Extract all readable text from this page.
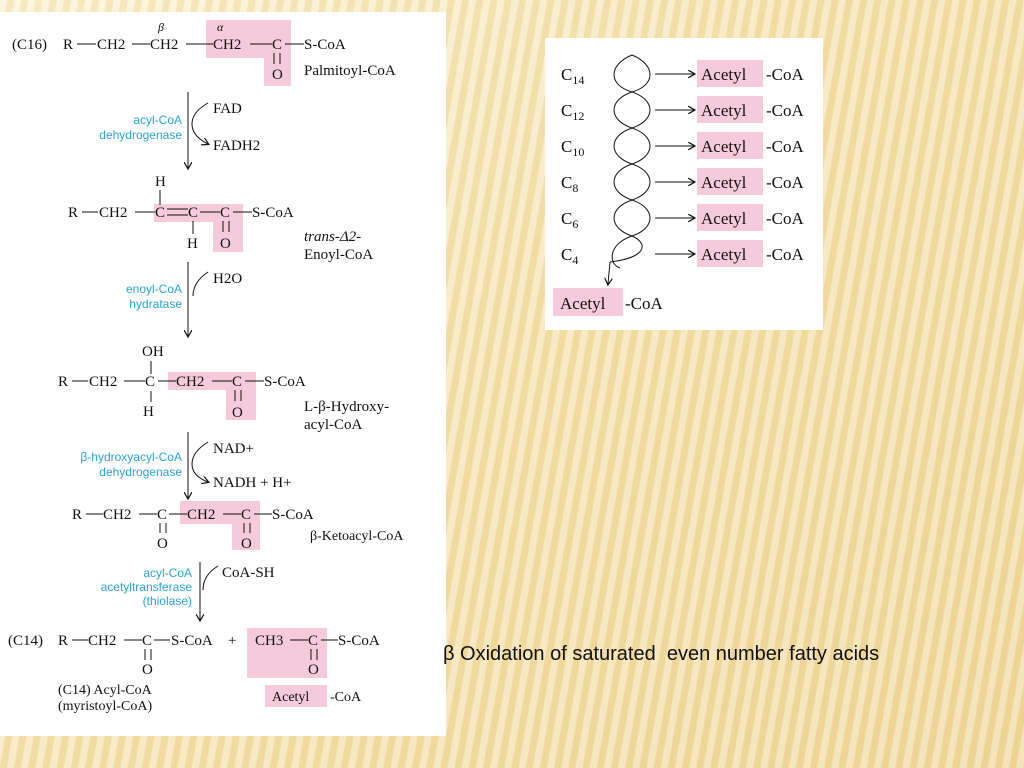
(C16) R CH2 CH2
β
CH2
α
C
O
S-CoA
Palmitoyl-CoA
acyl-CoA
dehydrogenase
FAD
FADH2
H
R CH2 C C
H
C
O
S-CoA
trans-Δ2-
Enoyl-CoA
enoyl-CoA
hydratase
H2O
OH
R CH2 C
H
CH2 C
O
S-CoA
L-β-Hydroxy-
acyl-CoA
β-hydroxyacyl-CoA
dehydrogenase
NAD+
NADH + H+
R CH2 C
O
CH2 C
O
S-CoA
β-Ketoacyl-CoA
acyl-CoA
acetyltransferase
(thiolase)
CoA-SH
(C14) R CH2 C
O
S-CoA + CH3 C
O
S-CoA
(C14) Acyl-CoA
(myristoyl-CoA)
Acetyl -CoA
$C_{14}$	Acetyl -CoA
$C_{12}$	Acetyl -CoA
$C_{10}$	Acetyl -CoA
$C_8$	Acetyl -CoA
$C_6$	Acetyl -CoA
$C_4$	Acetyl -CoA
Acetyl -CoA
β Oxidation of saturated  even number fatty acids
